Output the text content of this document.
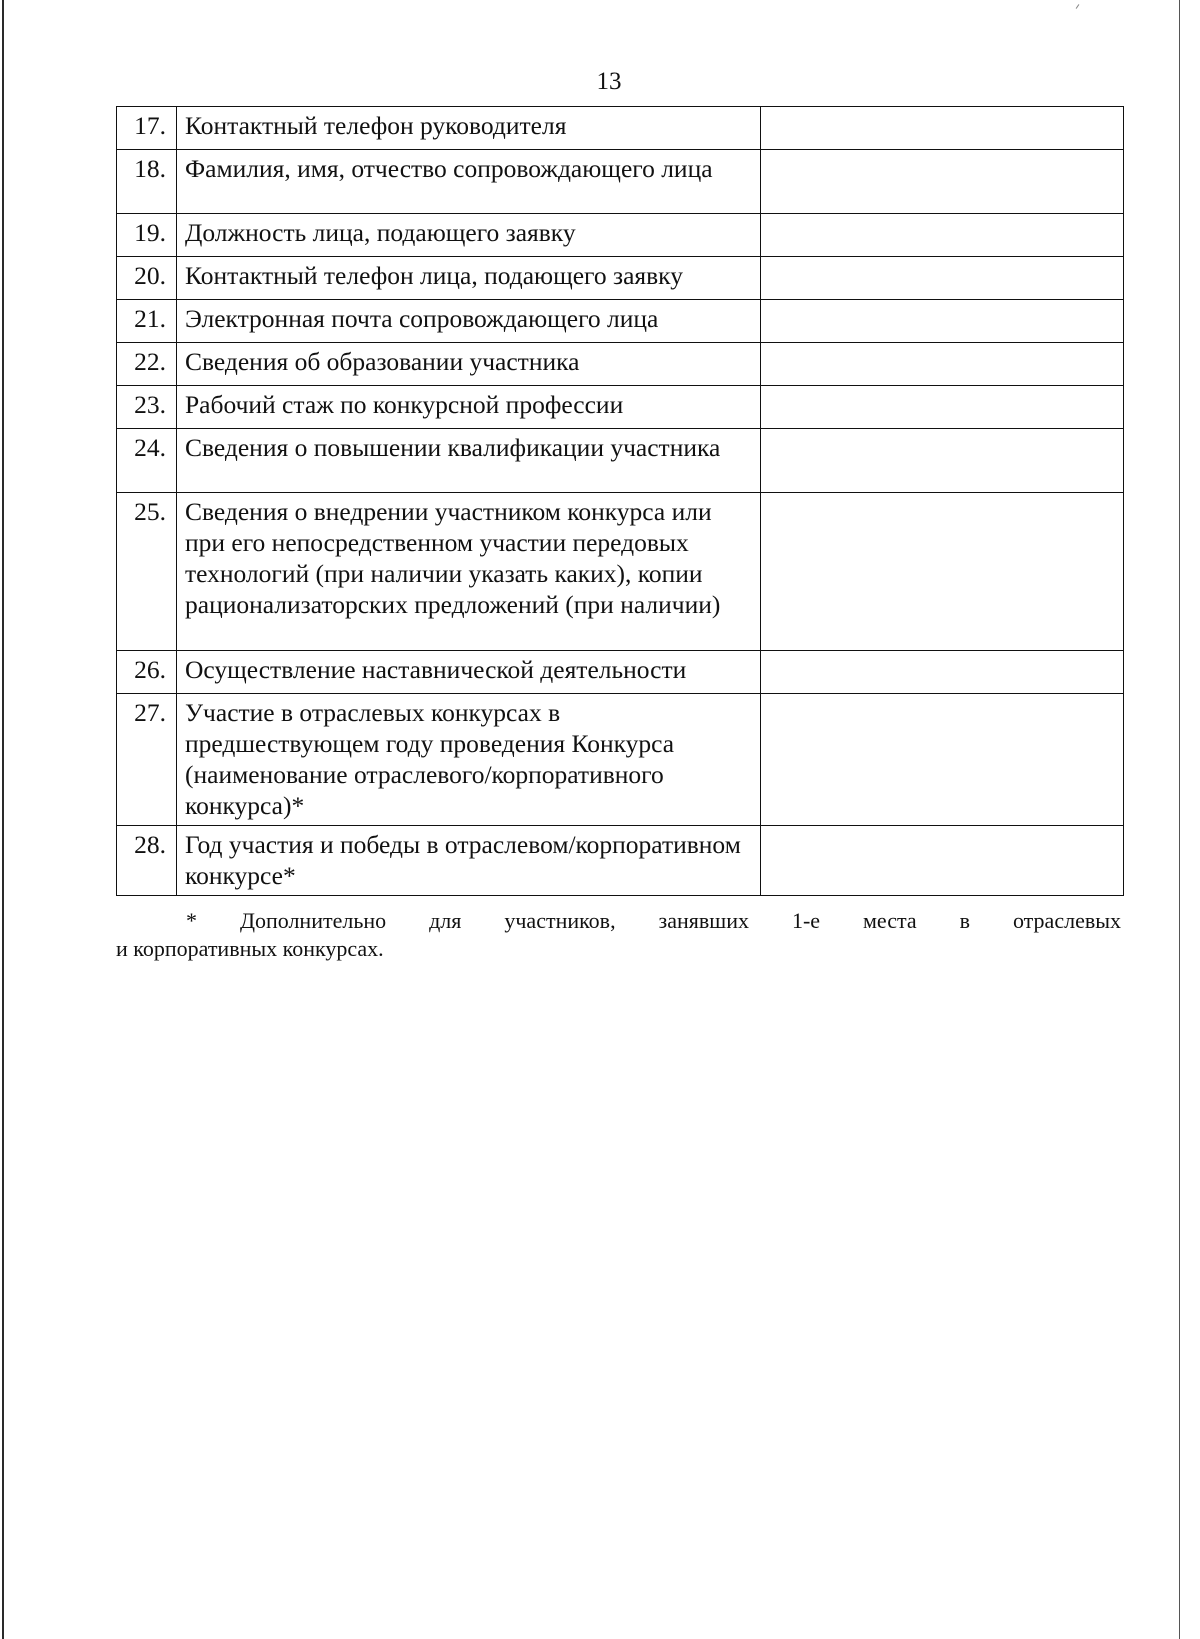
13
17.	Контактный телефон руководителя	
18.	Фамилия, имя, отчество сопровождающего лица	
19.	Должность лица, подающего заявку	
20.	Контактный телефон лица, подающего заявку	
21.	Электронная почта сопровождающего лица	
22.	Сведения об образовании участника	
23.	Рабочий стаж по конкурсной профессии	
24.	Сведения о повышении квалификации участника	
25.	Сведения о внедрении участником конкурса или при его непосредственном участии передовых технологий (при наличии указать каких), копии рационализаторских предложений (при наличии)	
26.	Осуществление наставнической деятельности	
27.	Участие в отраслевых конкурсах в предшествующем году проведения Конкурса (наименование отраслевого/корпоративного конкурса)*	
28.	Год участия и победы в отраслевом/корпоративном конкурсе*	
* Дополнительно для участников, занявших 1-е места в отраслевых
и корпоративных конкурсах.
